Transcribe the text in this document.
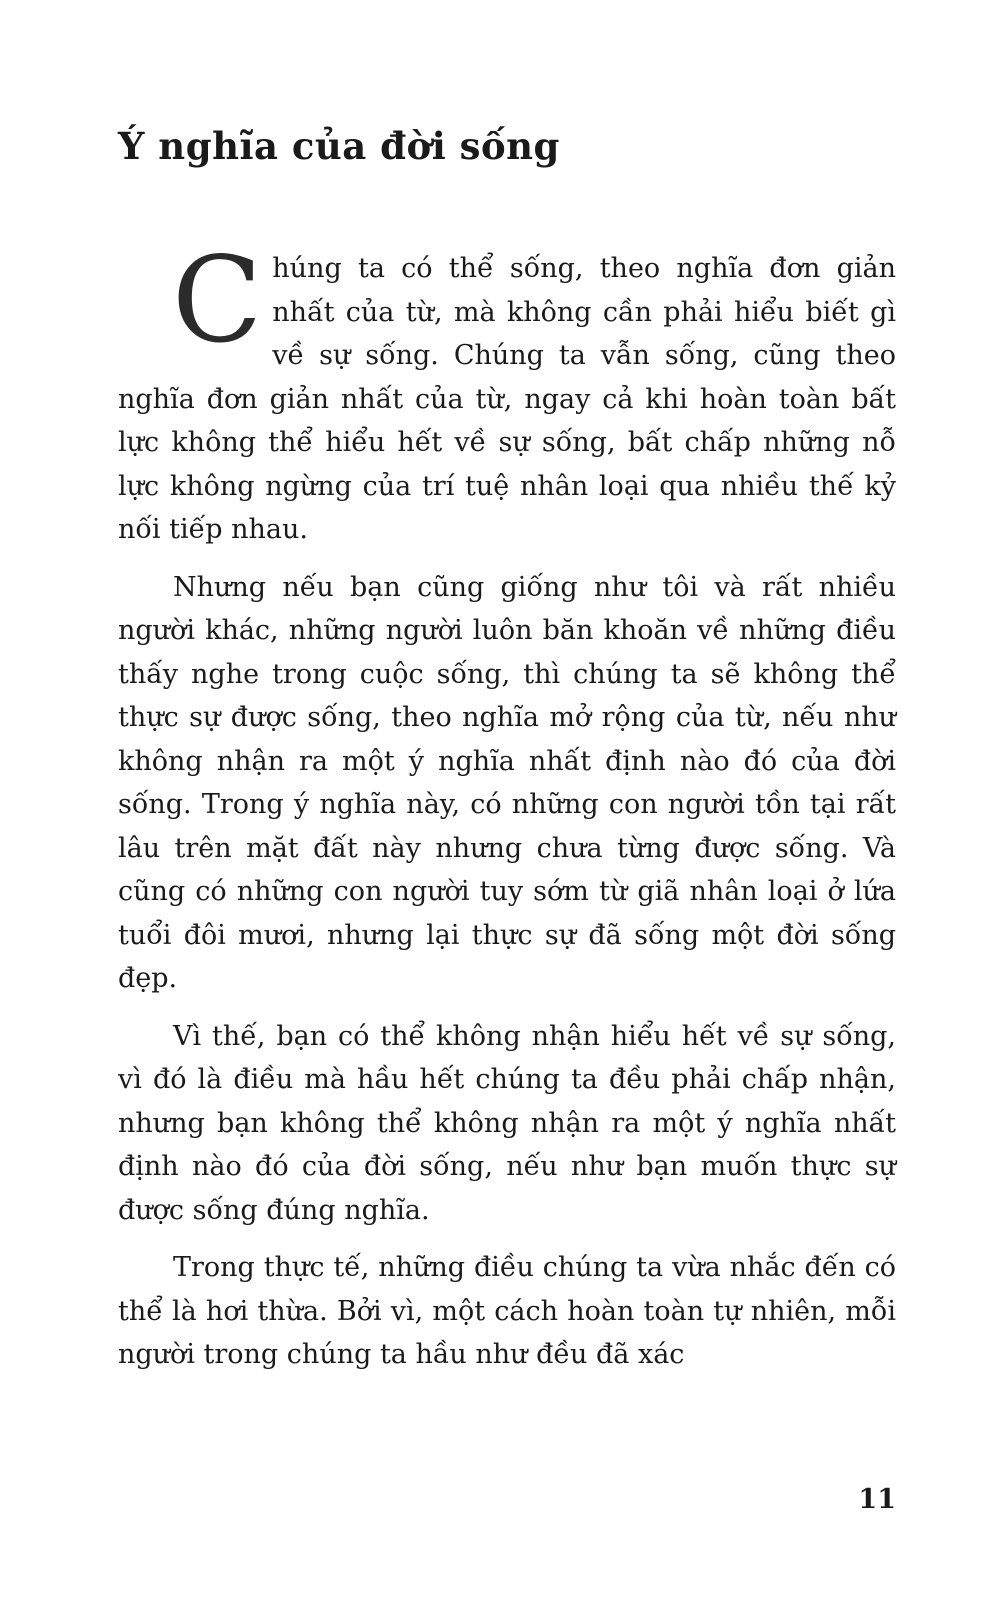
Ý nghĩa của đời sống

Chúng ta có thể sống, theo nghĩa đơn giản nhất của từ, mà không cần phải hiểu biết gì về sự sống. Chúng ta vẫn sống, cũng theo nghĩa đơn giản nhất của từ, ngay cả khi hoàn toàn bất lực không thể hiểu hết về sự sống, bất chấp những nỗ lực không ngừng của trí tuệ nhân loại qua nhiều thế kỷ nối tiếp nhau.

Nhưng nếu bạn cũng giống như tôi và rất nhiều người khác, những người luôn băn khoăn về những điều thấy nghe trong cuộc sống, thì chúng ta sẽ không thể thực sự được sống, theo nghĩa mở rộng của từ, nếu như không nhận ra một ý nghĩa nhất định nào đó của đời sống. Trong ý nghĩa này, có những con người tồn tại rất lâu trên mặt đất này nhưng chưa từng được sống. Và cũng có những con người tuy sớm từ giã nhân loại ở lứa tuổi đôi mươi, nhưng lại thực sự đã sống một đời sống đẹp.

Vì thế, bạn có thể không nhận hiểu hết về sự sống, vì đó là điều mà hầu hết chúng ta đều phải chấp nhận, nhưng bạn không thể không nhận ra một ý nghĩa nhất định nào đó của đời sống, nếu như bạn muốn thực sự được sống đúng nghĩa.

Trong thực tế, những điều chúng ta vừa nhắc đến có thể là hơi thừa. Bởi vì, một cách hoàn toàn tự nhiên, mỗi người trong chúng ta hầu như đều đã xác

11
